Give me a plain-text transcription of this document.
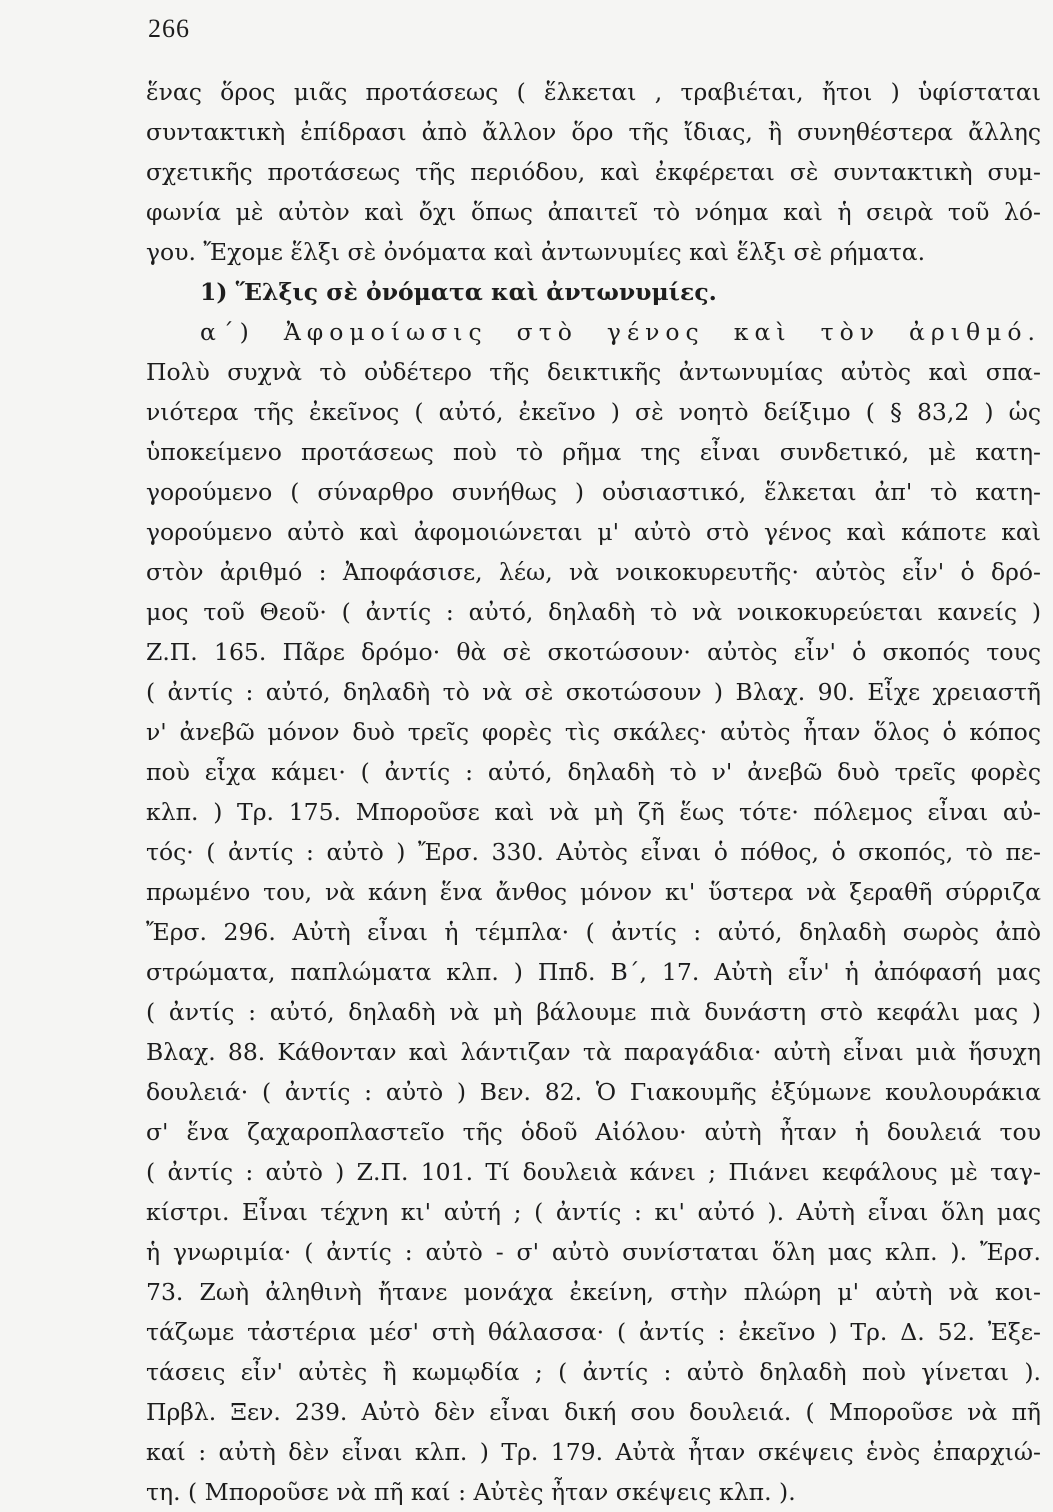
266
ἕνας ὅρος μιᾶς προτάσεως ( ἕλκεται , τραβιέται, ἤτοι ) ὑφίσταται
συντακτικὴ ἐπίδρασι ἀπὸ ἄλλον ὅρο τῆς ἴδιας, ἢ συνηθέστερα ἄλλης
σχετικῆς προτάσεως τῆς περιόδου, καὶ ἐκφέρεται σὲ συντακτικὴ συμ-
φωνία μὲ αὐτὸν καὶ ὄχι ὅπως ἀπαιτεῖ τὸ νόημα καὶ ἡ σειρὰ τοῦ λό-
γου. Ἔχομε ἕλξι σὲ ὀνόματα καὶ ἀντωνυμίες καὶ ἕλξι σὲ ρήματα.
1) Ἕλξις σὲ ὀνόματα καὶ ἀντωνυμίες.
α΄) Ἀφομοίωσις στὸ γένος καὶ τὸν ἀριθμό.
Πολὺ συχνὰ τὸ οὐδέτερο τῆς δεικτικῆς ἀντωνυμίας αὐτὸς καὶ σπα-
νιότερα τῆς ἐκεῖνος ( αὐτό, ἐκεῖνο ) σὲ νοητὸ δείξιμο ( § 83,2 ) ὡς
ὑποκείμενο προτάσεως ποὺ τὸ ρῆμα της εἶναι συνδετικό, μὲ κατη-
γορούμενο ( σύναρθρο συνήθως ) οὐσιαστικό, ἕλκεται ἀπ' τὸ κατη-
γορούμενο αὐτὸ καὶ ἀφομοιώνεται μ' αὐτὸ στὸ γένος καὶ κάποτε καὶ
στὸν ἀριθμό : Ἀποφάσισε, λέω, νὰ νοικοκυρευτῆς· αὐτὸς εἶν' ὁ δρό-
μος τοῦ Θεοῦ· ( ἀντίς : αὐτό, δηλαδὴ τὸ νὰ νοικοκυρεύεται κανείς )
Ζ.Π. 165. Πᾶρε δρόμο· θὰ σὲ σκοτώσουν· αὐτὸς εἶν' ὁ σκοπός τους
( ἀντίς : αὐτό, δηλαδὴ τὸ νὰ σὲ σκοτώσουν ) Βλαχ. 90. Εἶχε χρειαστῆ
ν' ἀνεβῶ μόνον δυὸ τρεῖς φορὲς τὶς σκάλες· αὐτὸς ἦταν ὅλος ὁ κόπος
ποὺ εἶχα κάμει· ( ἀντίς : αὐτό, δηλαδὴ τὸ ν' ἀνεβῶ δυὸ τρεῖς φορὲς
κλπ. ) Τρ. 175. Μποροῦσε καὶ νὰ μὴ ζῆ ἕως τότε· πόλεμος εἶναι αὐ-
τός· ( ἀντίς : αὐτὸ ) Ἔρσ. 330. Αὐτὸς εἶναι ὁ πόθος, ὁ σκοπός, τὸ πε-
πρωμένο του, νὰ κάνη ἕνα ἄνθος μόνον κι' ὕστερα νὰ ξεραθῆ σύρριζα
Ἔρσ. 296. Αὐτὴ εἶναι ἡ τέμπλα· ( ἀντίς : αὐτό, δηλαδὴ σωρὸς ἀπὸ
στρώματα, παπλώματα κλπ. ) Ππδ. Β΄, 17. Αὐτὴ εἶν' ἡ ἀπόφασή μας
( ἀντίς : αὐτό, δηλαδὴ νὰ μὴ βάλουμε πιὰ δυνάστη στὸ κεφάλι μας )
Βλαχ. 88. Κάθονταν καὶ λάντιζαν τὰ παραγάδια· αὐτὴ εἶναι μιὰ ἥσυχη
δουλειά· ( ἀντίς : αὐτὸ ) Βεν. 82. Ὁ Γιακουμῆς ἐξύμωνε κουλουράκια
σ' ἕνα ζαχαροπλαστεῖο τῆς ὁδοῦ Αἰόλου· αὐτὴ ἦταν ἡ δουλειά του
( ἀντίς : αὐτὸ ) Ζ.Π. 101. Τί δουλειὰ κάνει ; Πιάνει κεφάλους μὲ ταγ-
κίστρι. Εἶναι τέχνη κι' αὐτή ; ( ἀντίς : κι' αὐτό ). Αὐτὴ εἶναι ὅλη μας
ἡ γνωριμία· ( ἀντίς : αὐτὸ - σ' αὐτὸ συνίσταται ὅλη μας κλπ. ). Ἔρσ.
73. Ζωὴ ἀληθινὴ ἤτανε μονάχα ἐκείνη, στὴν πλώρη μ' αὐτὴ νὰ κοι-
τάζωμε τἀστέρια μέσ' στὴ θάλασσα· ( ἀντίς : ἐκεῖνο ) Τρ. Δ. 52. Ἐξε-
τάσεις εἶν' αὐτὲς ἢ κωμῳδία ; ( ἀντίς : αὐτὸ δηλαδὴ ποὺ γίνεται ).
Πρβλ. Ξεν. 239. Αὐτὸ δὲν εἶναι δική σου δουλειά. ( Μποροῦσε νὰ πῆ
καί : αὐτὴ δὲν εἶναι κλπ. ) Τρ. 179. Αὐτὰ ἦταν σκέψεις ἑνὸς ἐπαρχιώ-
τη. ( Μποροῦσε νὰ πῆ καί : Αὐτὲς ἦταν σκέψεις κλπ. ).
